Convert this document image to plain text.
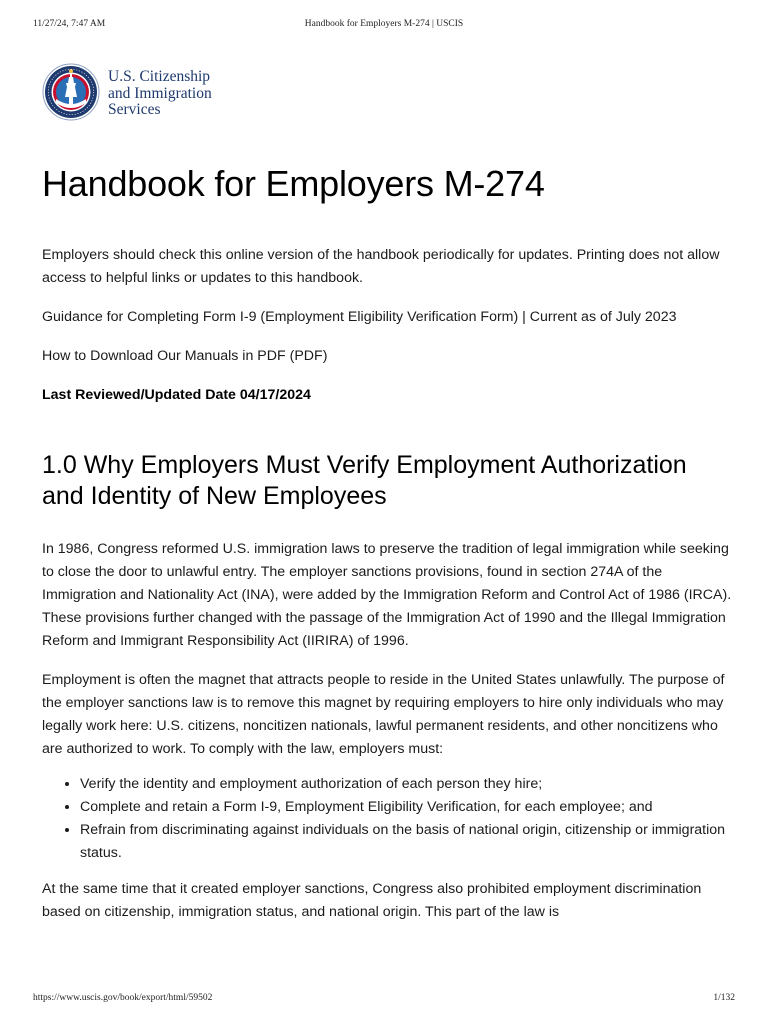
11/27/24, 7:47 AM	Handbook for Employers M-274 | USCIS
U.S. Citizenship
and Immigration
Services
Handbook for Employers M-274

Employers should check this online version of the handbook periodically for updates. Printing does not allow access to helpful links or updates to this handbook.

Guidance for Completing Form I-9 (Employment Eligibility Verification Form) | Current as of July 2023

How to Download Our Manuals in PDF (PDF)

Last Reviewed/Updated Date 04/17/2024

1.0 Why Employers Must Verify Employment Authorization and Identity of New Employees

In 1986, Congress reformed U.S. immigration laws to preserve the tradition of legal immigration while seeking to close the door to unlawful entry. The employer sanctions provisions, found in section 274A of the Immigration and Nationality Act (INA), were added by the Immigration Reform and Control Act of 1986 (IRCA). These provisions further changed with the passage of the Immigration Act of 1990 and the Illegal Immigration Reform and Immigrant Responsibility Act (IIRIRA) of 1996.

Employment is often the magnet that attracts people to reside in the United States unlawfully. The purpose of the employer sanctions law is to remove this magnet by requiring employers to hire only individuals who may legally work here: U.S. citizens, noncitizen nationals, lawful permanent residents, and other noncitizens who are authorized to work. To comply with the law, employers must:

• Verify the identity and employment authorization of each person they hire;
• Complete and retain a Form I-9, Employment Eligibility Verification, for each employee; and
• Refrain from discriminating against individuals on the basis of national origin, citizenship or immigration status.

At the same time that it created employer sanctions, Congress also prohibited employment discrimination based on citizenship, immigration status, and national origin. This part of the law is

https://www.uscis.gov/book/export/html/59502	1/132
